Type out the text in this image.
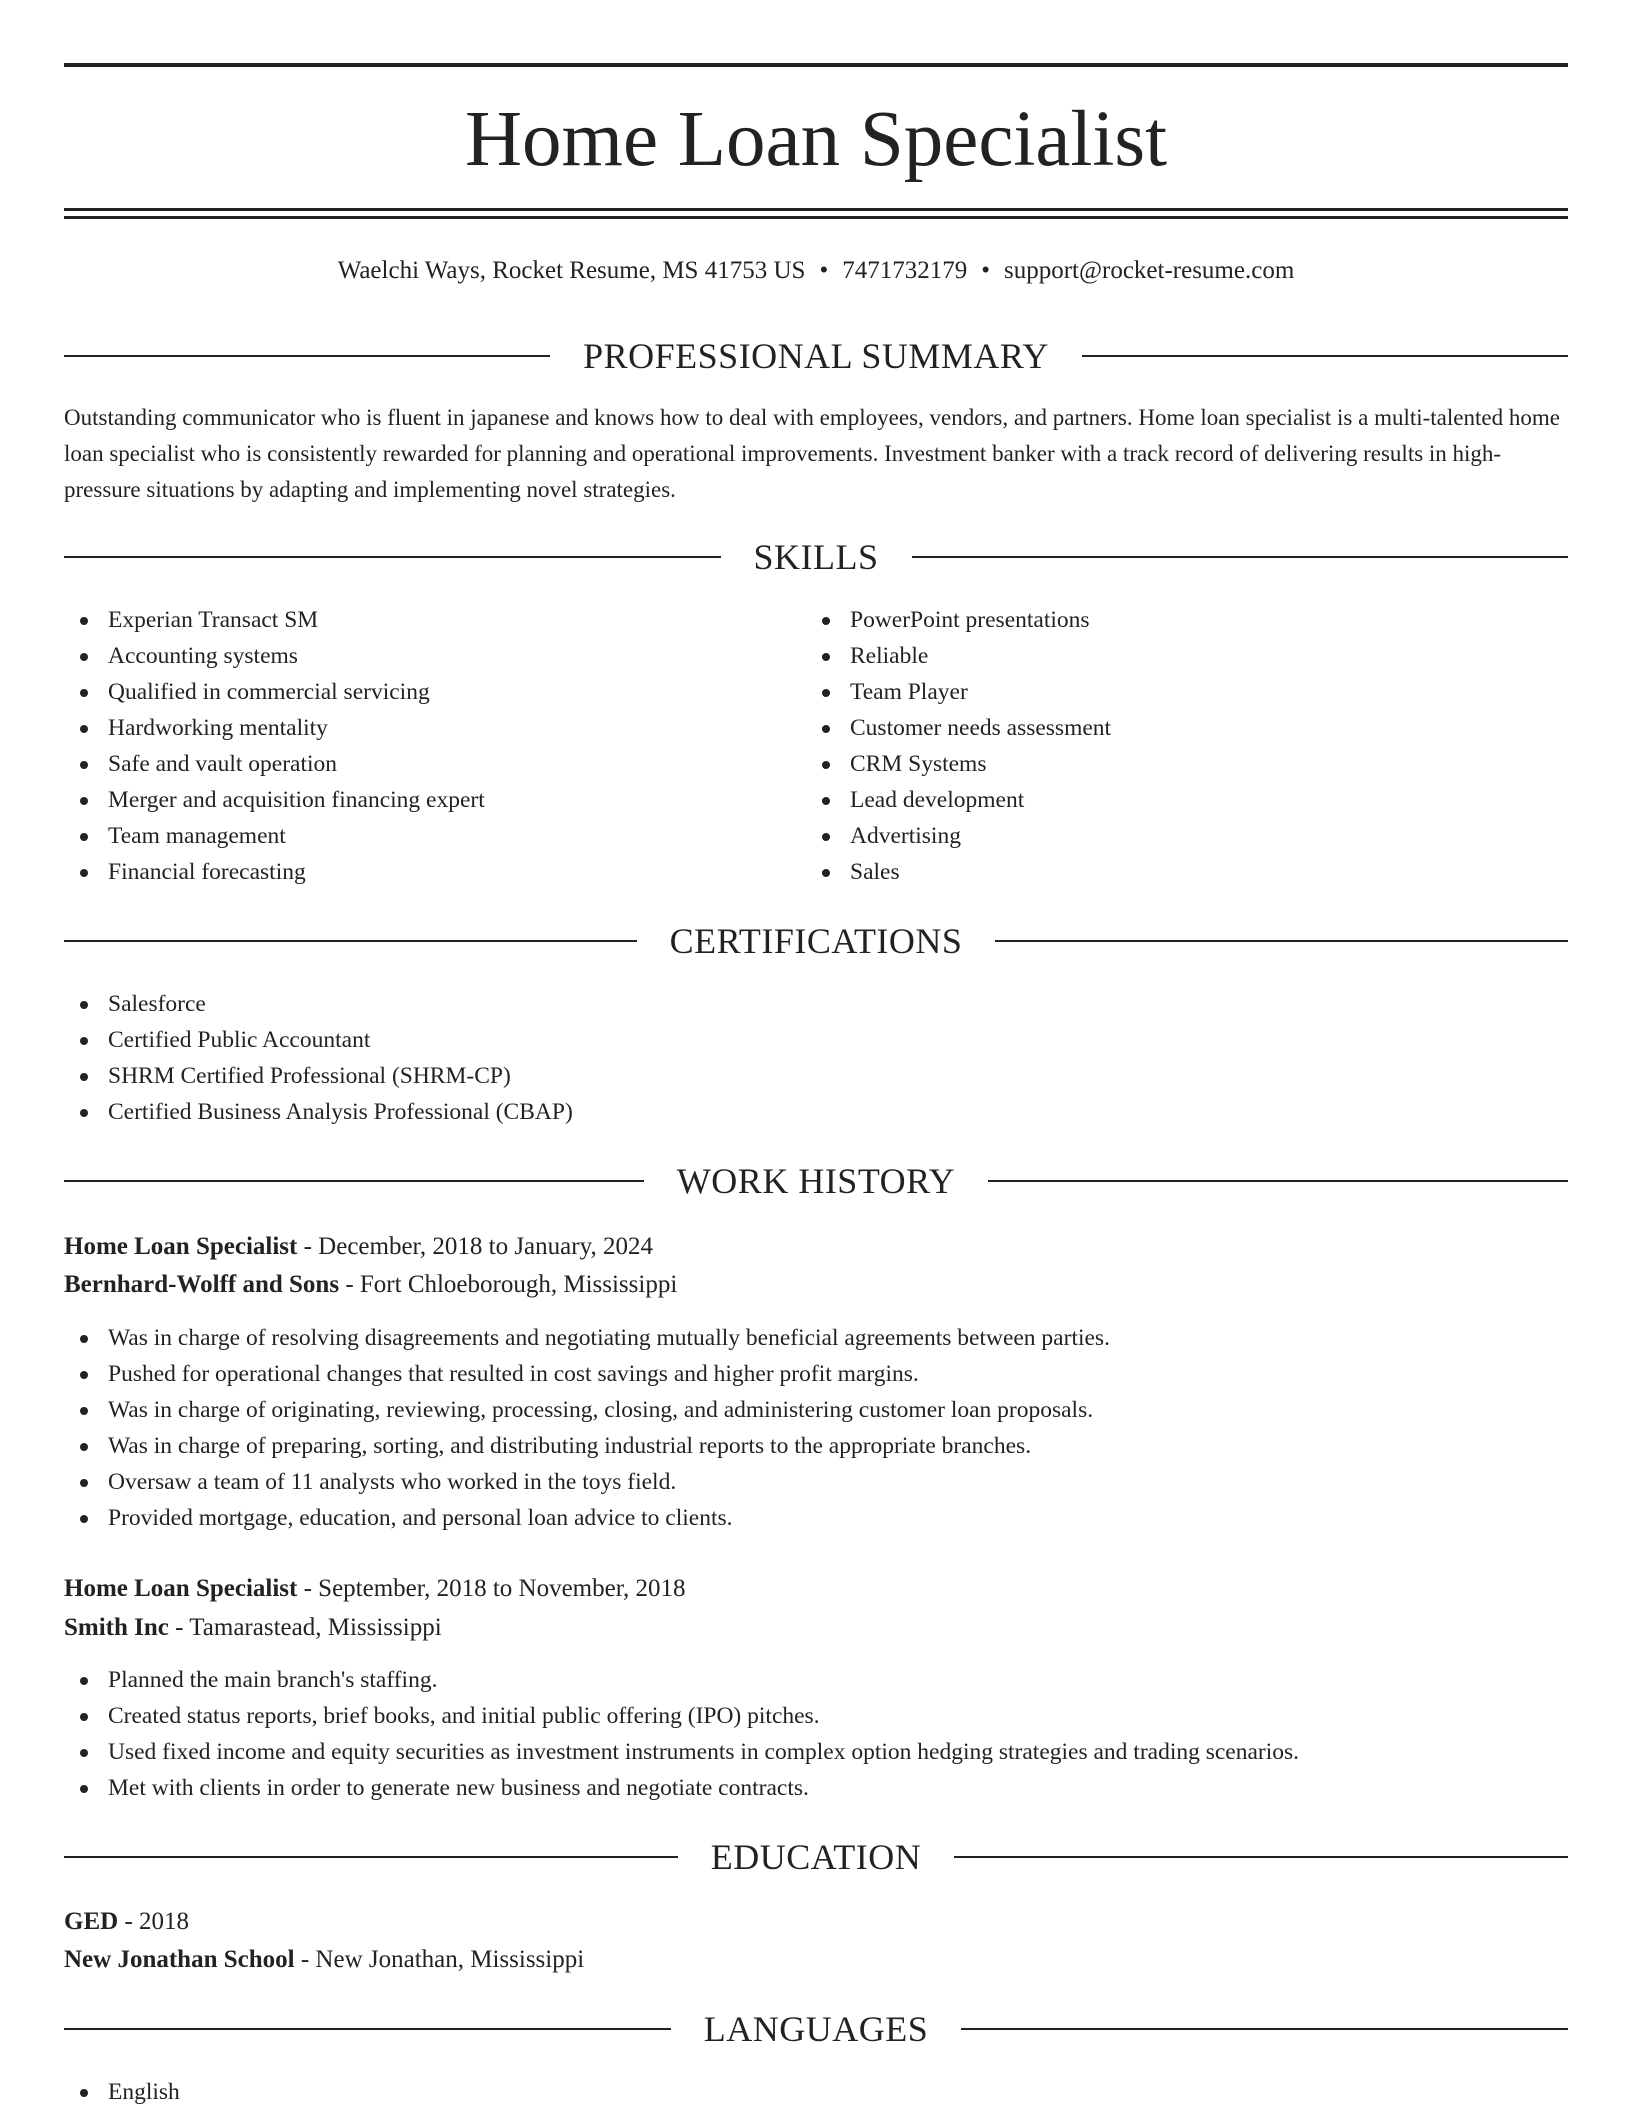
Home Loan Specialist
Waelchi Ways, Rocket Resume, MS 41753 US • 7471732179 • support@rocket-resume.com
PROFESSIONAL SUMMARY
Outstanding communicator who is fluent in japanese and knows how to deal with employees, vendors, and partners. Home loan specialist is a multi-talented home loan specialist who is consistently rewarded for planning and operational improvements. Investment banker with a track record of delivering results in high-pressure situations by adapting and implementing novel strategies.
SKILLS
Experian Transact SM
Accounting systems
Qualified in commercial servicing
Hardworking mentality
Safe and vault operation
Merger and acquisition financing expert
Team management
Financial forecasting
PowerPoint presentations
Reliable
Team Player
Customer needs assessment
CRM Systems
Lead development
Advertising
Sales
CERTIFICATIONS
Salesforce
Certified Public Accountant
SHRM Certified Professional (SHRM-CP)
Certified Business Analysis Professional (CBAP)
WORK HISTORY
Home Loan Specialist - December, 2018 to January, 2024
Bernhard-Wolff and Sons - Fort Chloeborough, Mississippi
Was in charge of resolving disagreements and negotiating mutually beneficial agreements between parties.
Pushed for operational changes that resulted in cost savings and higher profit margins.
Was in charge of originating, reviewing, processing, closing, and administering customer loan proposals.
Was in charge of preparing, sorting, and distributing industrial reports to the appropriate branches.
Oversaw a team of 11 analysts who worked in the toys field.
Provided mortgage, education, and personal loan advice to clients.
Home Loan Specialist - September, 2018 to November, 2018
Smith Inc - Tamarastead, Mississippi
Planned the main branch's staffing.
Created status reports, brief books, and initial public offering (IPO) pitches.
Used fixed income and equity securities as investment instruments in complex option hedging strategies and trading scenarios.
Met with clients in order to generate new business and negotiate contracts.
EDUCATION
GED - 2018
New Jonathan School - New Jonathan, Mississippi
LANGUAGES
English
